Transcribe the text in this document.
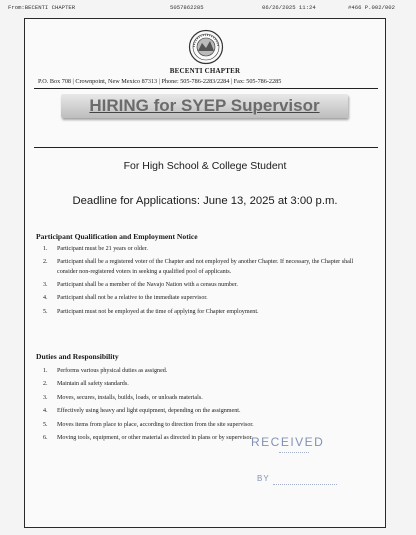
From:BECENTI CHAPTER	5057862285	06/26/2025 11:24	#466 P.002/002
BECENTI CHAPTER
P.O. Box 708 | Crownpoint, New Mexico 87313 | Phone: 505-786-2283/2284 | Fax: 505-786-2285
HIRING for SYEP Supervisor
For High School & College Student
Deadline for Applications: June 13, 2025 at 3:00 p.m.
Participant Qualification and Employment Notice
1. Participant must be 21 years or older.
2. Participant shall be a registered voter of the Chapter and not employed by another Chapter. If necessary, the Chapter shall consider non-registered voters in seeking a qualified pool of applicants.
3. Participant shall be a member of the Navajo Nation with a census number.
4. Participant shall not be a relative to the immediate supervisor.
5. Participant must not be employed at the time of applying for Chapter employment.
Duties and Responsibility
1. Performs various physical duties as assigned.
2. Maintain all safety standards.
3. Moves, secures, installs, builds, loads, or unloads materials.
4. Effectively using heavy and light equipment, depending on the assignment.
5. Moves items from place to place, according to direction from the site supervisor.
6. Moving tools, equipment, or other material as directed in plans or by supervisor.
RECEIVED
BY
